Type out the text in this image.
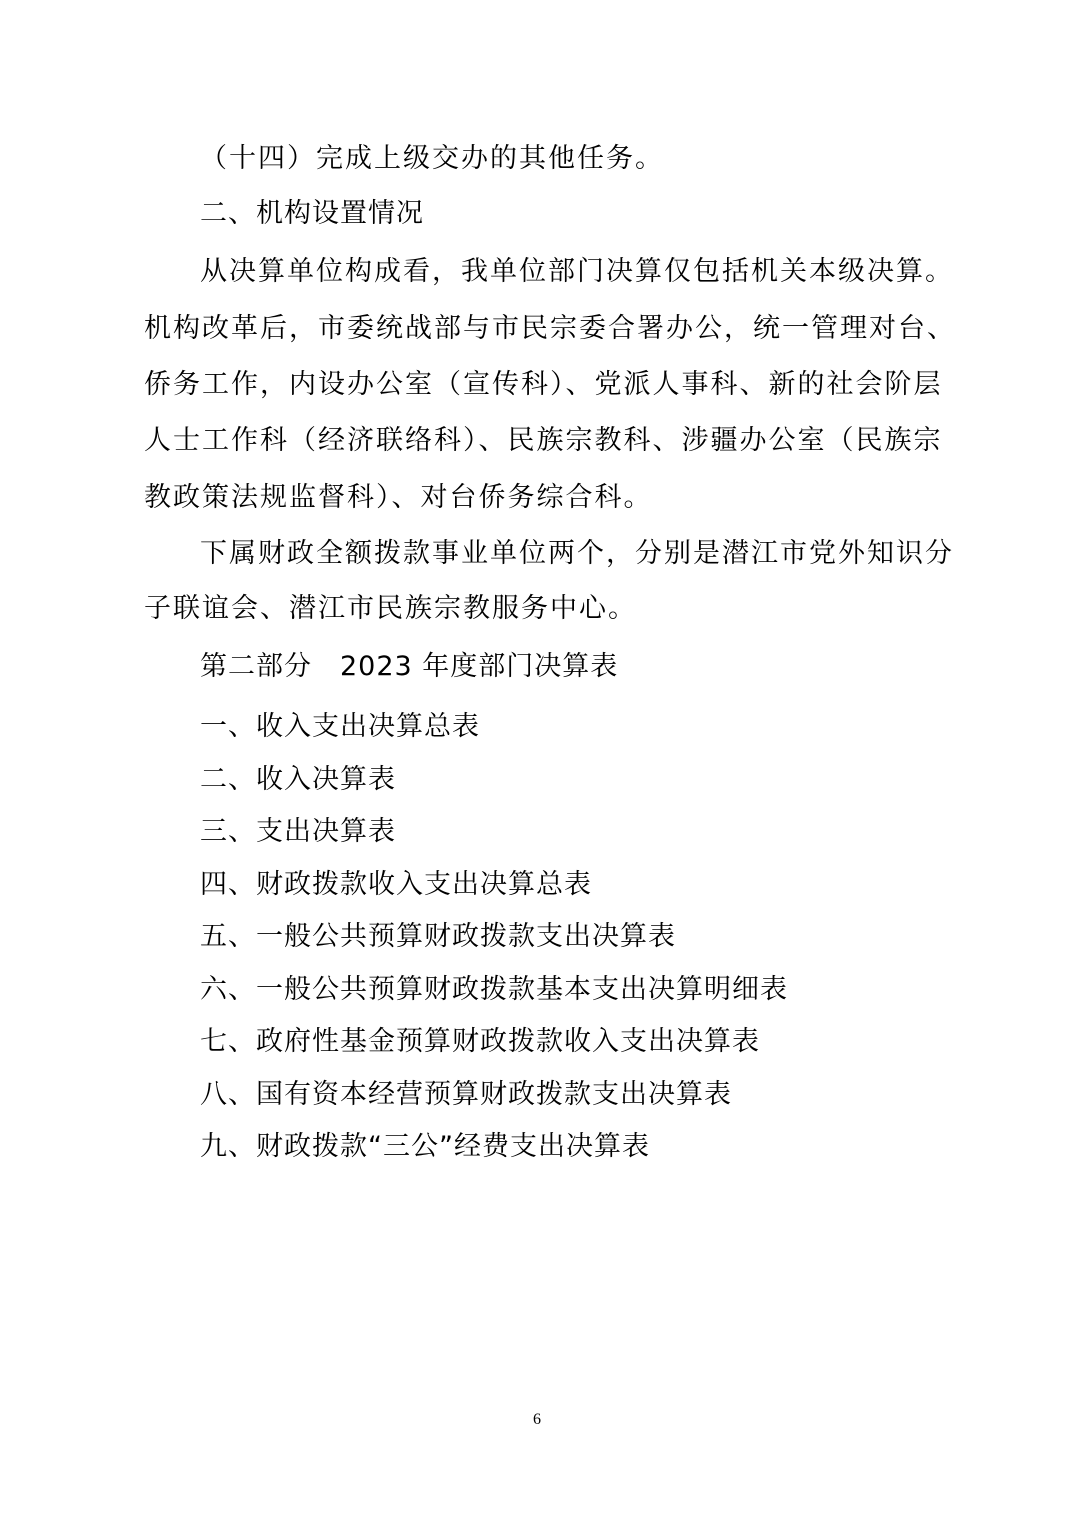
（十四）完成上级交办的其他任务。
二、机构设置情况
从决算单位构成看，我单位部门决算仅包括机关本级决算。
机构改革后，市委统战部与市民宗委合署办公，统一管理对台、
侨务工作，内设办公室（宣传科）、党派人事科、新的社会阶层
人士工作科（经济联络科）、民族宗教科、涉疆办公室（民族宗
教政策法规监督科）、对台侨务综合科。
下属财政全额拨款事业单位两个，分别是潜江市党外知识分
子联谊会、潜江市民族宗教服务中心。
第二部分　2023 年度部门决算表
一、收入支出决算总表
二、收入决算表
三、支出决算表
四、财政拨款收入支出决算总表
五、一般公共预算财政拨款支出决算表
六、一般公共预算财政拨款基本支出决算明细表
七、政府性基金预算财政拨款收入支出决算表
八、国有资本经营预算财政拨款支出决算表
九、财政拨款“三公”经费支出决算表
6
